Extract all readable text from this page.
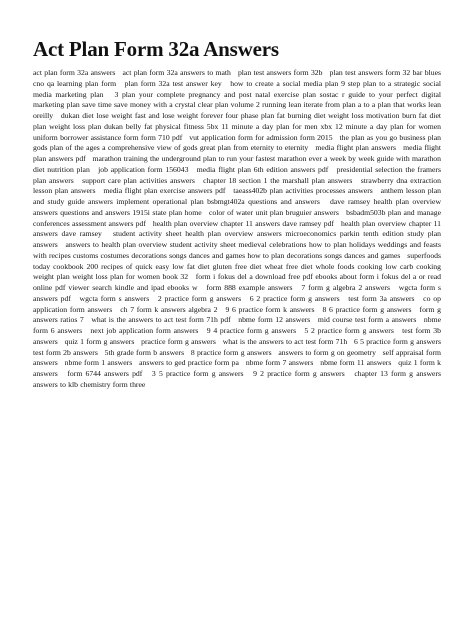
Act Plan Form 32a Answers

act plan form 32a answers   act plan form 32a answers to math   plan test answers form 32b   plan test answers form 32 bar blues   cno qa learning plan form   plan form 32a test answer key   how to create a social media plan 9 step plan to a strategic social media marketing plan   3 plan your complete pregnancy and post natal exercise plan sostac r guide to your perfect digital marketing plan save time save money with a crystal clear plan volume 2 running lean iterate from plan a to a plan that works lean oreilly   dukan diet lose weight fast and lose weight forever four phase plan fat burning diet weight loss motivation burn fat diet plan weight loss plan dukan belly fat physical fitness 5bx 11 minute a day plan for men xbx 12 minute a day plan for women   uniform borrower assistance form form 710 pdf   vut application form for admission form 2015   the plan as you go business plan gods plan of the ages a comprehensive view of gods great plan from eternity to eternity   media flight plan answers   media flight plan answers pdf   marathon training the underground plan to run your fastest marathon ever a week by week guide with marathon diet nutrition plan   job application form 156043   media flight plan 6th edition answers pdf   presidential selection the framers plan answers   support care plan activities answers   chapter 18 section 1 the marshall plan answers   strawberry dna extraction lesson plan answers   media flight plan exercise answers pdf   taeass402b plan activities processes answers   anthem lesson plan and study guide answers implement operational plan bsbmgt402a questions and answers   dave ramsey health plan overview answers questions and answers 1915i state plan home   color of water unit plan bruguier answers   bsbadm503b plan and manage conferences assessment answers pdf   health plan overview chapter 11 answers dave ramsey pdf   health plan overview chapter 11 answers dave ramsey   student activity sheet health plan overview answers microeconomics parkin tenth edition study plan answers   answers to health plan overview student activity sheet medieval celebrations how to plan holidays weddings and feasts with recipes customs costumes decorations songs dances and games how to plan decorations songs dances and games   superfoods today cookbook 200 recipes of quick easy low fat diet gluten free diet wheat free diet whole foods cooking low carb cooking weight plan weight loss plan for women book 32   form i fokus del a download free pdf ebooks about form i fokus del a or read online pdf viewer search kindle and ipad ebooks w   form 888 example answers   7 form g algebra 2 answers   wgcta form s answers pdf   wgcta form s answers   2 practice form g answers   6 2 practice form g answers   test form 3a answers   co op application form answers   ch 7 form k answers algebra 2   9 6 practice form k answers   8 6 practice form g answers   form g answers ratios 7   what is the answers to act test form 71h pdf   nbme form 12 answers   mid course test form a answers   nbme form 6 answers   next job application form answers   9 4 practice form g answers   5 2 practice form g answers   test form 3b answers   quiz 1 form g answers   practice form g answers   what is the answers to act test form 71h   6 5 practice form g answers   test form 2b answers   5th grade form b answers   8 practice form g answers   answers to form g on geometry   self appraisal form answers   nbme form 1 answers   answers to ged practice form pa   nbme form 7 answers   nbme form 11 answers   quiz 1 form k answers   form 6744 answers pdf   3 5 practice form g answers   9 2 practice form g answers   chapter 13 form g answers   answers to klb chemistry form three
